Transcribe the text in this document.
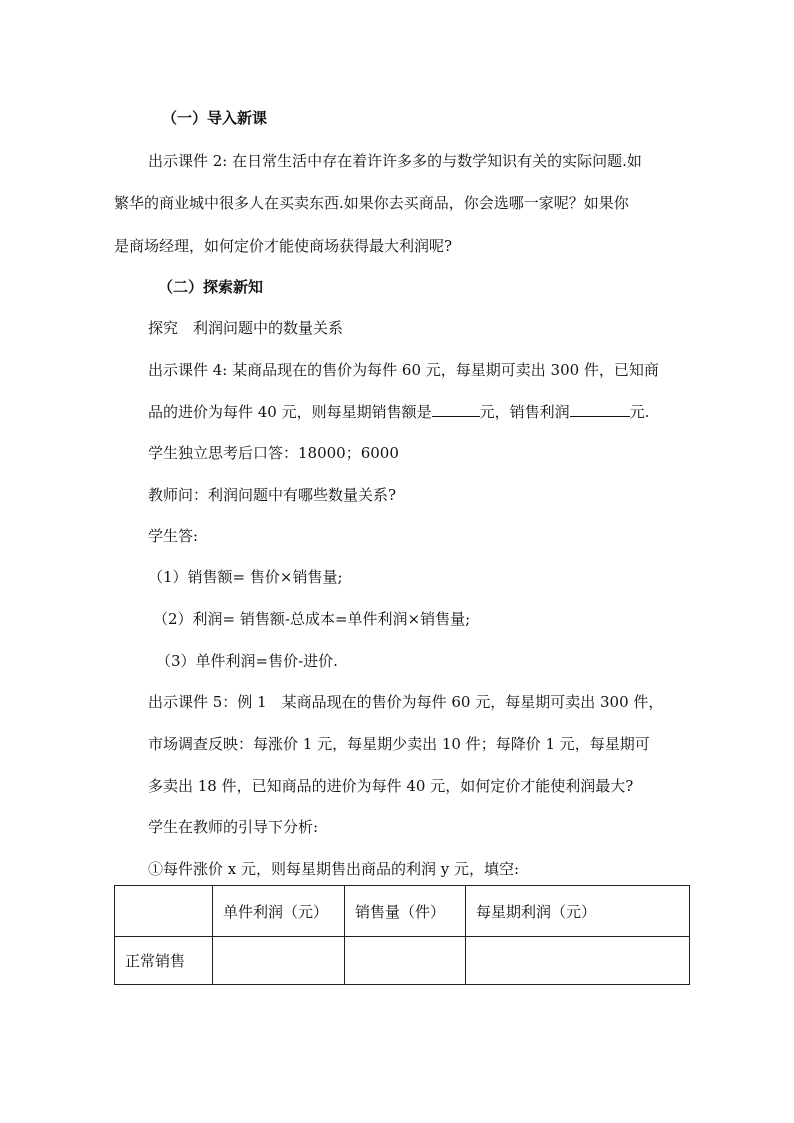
（一）导入新课
出示课件 2: 在日常生活中存在着许许多多的与数学知识有关的实际问题.如
繁华的商业城中很多人在买卖东西.如果你去买商品，你会选哪一家呢？如果你
是商场经理，如何定价才能使商场获得最大利润呢?
（二）探索新知
探究　利润问题中的数量关系
出示课件 4: 某商品现在的售价为每件 60 元，每星期可卖出 300 件，已知商
品的进价为每件 40 元，则每星期销售额是	元，销售利润	元.
学生独立思考后口答：18000；6000
教师问：利润问题中有哪些数量关系?
学生答:
（1）销售额= 售价×销售量;
（2）利润= 销售额-总成本=单件利润×销售量;
（3）单件利润=售价-进价.
出示课件 5：例 1　某商品现在的售价为每件 60 元，每星期可卖出 300 件，
市场调查反映：每涨价 1 元，每星期少卖出 10 件；每降价 1 元，每星期可
多卖出 18 件，已知商品的进价为每件 40 元，如何定价才能使利润最大?
学生在教师的引导下分析:
①每件涨价 x 元，则每星期售出商品的利润 y 元，填空:
	单件利润（元）	销售量（件）	每星期利润（元）
正常销售			
